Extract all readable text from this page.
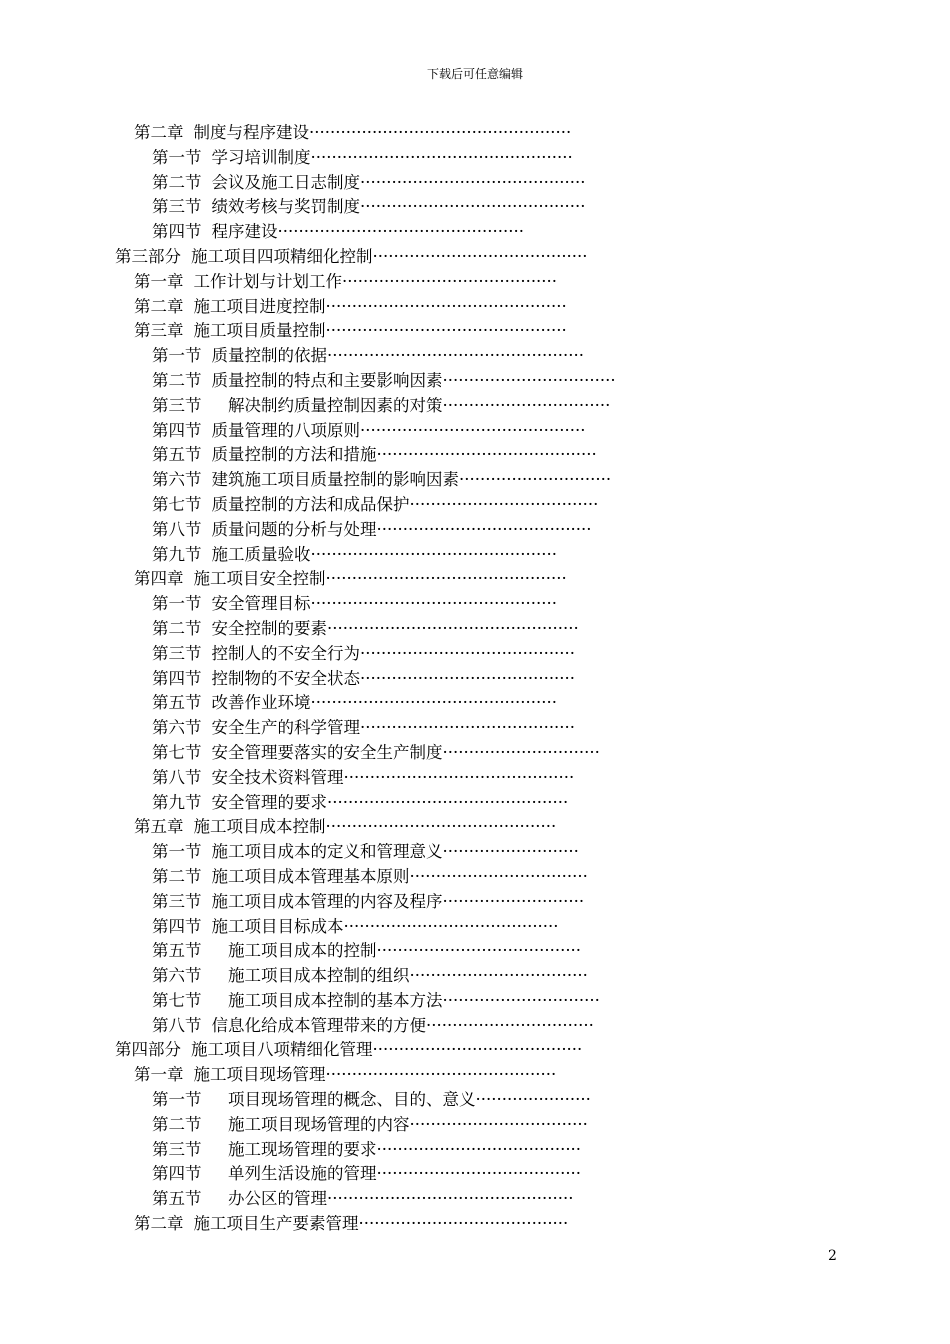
下载后可任意编辑
第二章 制度与程序建设··················································
第一节 学习培训制度··················································
第二节 会议及施工日志制度···········································
第三节 绩效考核与奖罚制度···········································
第四节 程序建设···············································
第三部分 施工项目四项精细化控制·········································
第一章 工作计划与计划工作·········································
第二章 施工项目进度控制··············································
第三章 施工项目质量控制··············································
第一节 质量控制的依据·················································
第二节 质量控制的特点和主要影响因素·································
第三节　解决制约质量控制因素的对策································
第四节 质量管理的八项原则···········································
第五节 质量控制的方法和措施··········································
第六节 建筑施工项目质量控制的影响因素·····························
第七节 质量控制的方法和成品保护····································
第八节 质量问题的分析与处理·········································
第九节 施工质量验收···············································
第四章 施工项目安全控制··············································
第一节 安全管理目标···············································
第二节 安全控制的要素················································
第三节 控制人的不安全行为·········································
第四节 控制物的不安全状态·········································
第五节 改善作业环境···············································
第六节 安全生产的科学管理·········································
第七节 安全管理要落实的安全生产制度······························
第八节 安全技术资料管理············································
第九节 安全管理的要求··············································
第五章 施工项目成本控制············································
第一节 施工项目成本的定义和管理意义··························
第二节 施工项目成本管理基本原则··································
第三节 施工项目成本管理的内容及程序···························
第四节 施工项目目标成本·········································
第五节　施工项目成本的控制·······································
第六节　施工项目成本控制的组织··································
第七节　施工项目成本控制的基本方法······························
第八节 信息化给成本管理带来的方便································
第四部分 施工项目八项精细化管理········································
第一章 施工项目现场管理············································
第一节　项目现场管理的概念、目的、意义······················
第二节　施工项目现场管理的内容··································
第三节　施工现场管理的要求·······································
第四节　单列生活设施的管理·······································
第五节　办公区的管理···············································
第二章 施工项目生产要素管理········································
2
